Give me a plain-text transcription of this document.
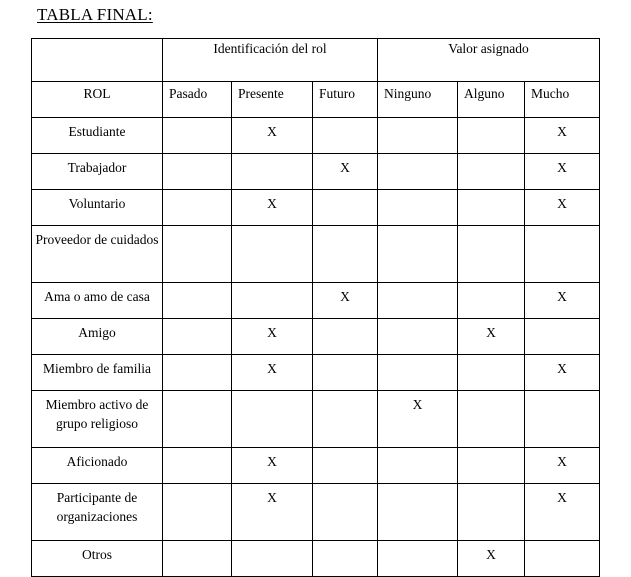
TABLA FINAL:
	Identificación del rol			Valor asignado		
ROL	Pasado	Presente	Futuro	Ninguno	Alguno	Mucho
Estudiante		X				X
Trabajador			X			X
Voluntario		X				X
Proveedor de cuidados						
Ama o amo de casa			X			X
Amigo		X			X	
Miembro de familia		X				X
Miembro activo de grupo religioso				X		
Aficionado		X				X
Participante de organizaciones		X				X
Otros					X	
